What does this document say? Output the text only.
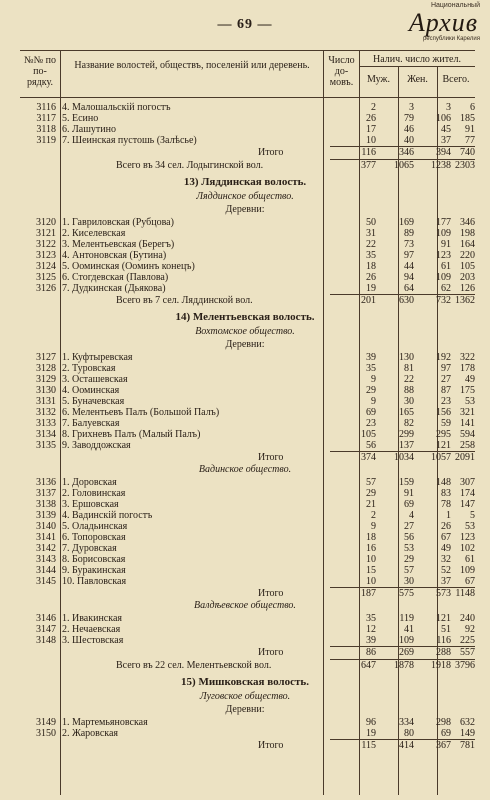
— 69 —
Национальный
Архив
республики Карелия
№№ по по- рядку.
Название волостей, обществъ, поселеній или деревень.	Число до- мовъ.
Налич. число жител.
Муж.	Жен.	Всего.
3116 4. Малошальскій погостъ	2	3	3	6
3117 5. Есино	26	79	106 185
3118 6. Лашутино	17	46	45	91
3119 7. Шеинская пустошь (Залѣсье)	10	40	37	77
Итого	116	346	394 740
Всего въ 34 сел. Лодыгинской вол.	377	1065	1238 2303
13) Ляддинская волость.
Ляддинское общество.
Деревни:
3120 1. Гавриловская (Рубцова)	50	169	177 346
3121 2. Киселевская	31	89	109 198
3122 3. Мелентьевская (Берегъ)	22	73	91 164
3123 4. Антоновская (Бутина)	35	97	123 220
3124 5. Ооминская (Ооминъ конецъ)	18	44	61 105
3125 6. Стогдевская (Павлова)	26	94	109 203
3126 7. Дудкинская (Дьякова)	19	64	62 126
Всего въ 7 сел. Ляддинской вол.	201	630	732 1362
14) Мелентьевская волость.
Вохтомское общество.
Деревни:
3127 1. Куфтыревская	39	130	192 322
3128 2. Туровская	35	81	97 178
3129 3. Осташевская	9	22	27	49
3130 4. Ооминская	29	88	87 175
3131 5. Буначевская	9	30	23	53
3132 6. Мелентьевъ Палъ (Большой Палъ)	69	165	156 321
3133 7. Балуевская	23	82	59 141
3134 8. Грихневъ Палъ (Малый Палъ)	105	299	295 594
3135 9. Заводдожская	56	137	121 258
Итого	374	1034	1057 2091
Вадинское общество.
3136 1. Доровская	57	159	148 307
3137 2. Головинская	29	91	83 174
3138 3. Ершовская	21	69	78 147
3139 4. Вадинскій погостъ	2	4	1	5
3140 5. Оладьинская	9	27	26	53
3141 6. Топоровская	18	56	67 123
3142 7. Дуровская	16	53	49 102
3143 8. Борисовская	10	29	32	61
3144 9. Буракинская	15	57	52 109
3145 10. Павловская	10	30	37	67
Итого	187	575	573 1148
Валдѣевское общество.
3146 1. Ивакинская	35	119	121 240
3147 2. Нечаевская	12	41	51	92
3148 3. Шестовская	39	109	116 225
Итого	86	269	288 557
Всего въ 22 сел. Мелентьевской вол.	647	1878	1918 3796
15) Мишковская волость.
Луговское общество.
Деревни:
3149 1. Мартемьяновская	96	334	298 632
3150 2. Жаровская	19	80	69 149
Итого	115	414	367 781
